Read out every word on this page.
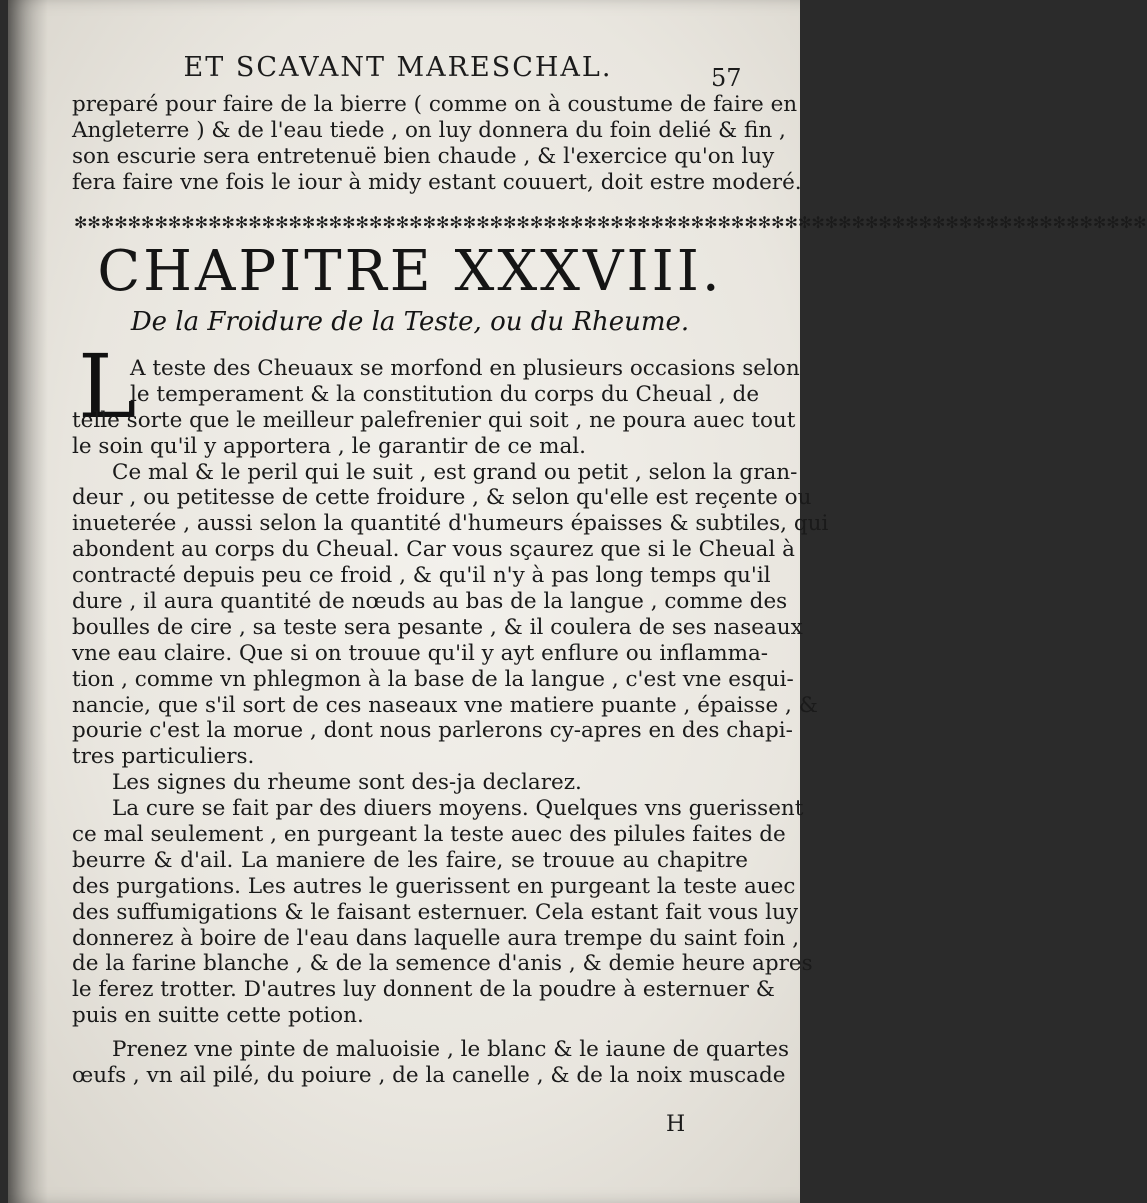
ET SCAVANT MARESCHAL.	57
preparé pour faire de la bierre ( comme on à coustume de faire en
Angleterre ) & de l'eau tiede , on luy donnera du foin delié & fin ,
son escurie sera entretenuë bien chaude , & l'exercice qu'on luy
fera faire vne fois le iour à midy estant couuert, doit estre moderé.
✻✻✻✻✻✻✻✻✻✻✻✻✻✻✻✻✻✻✻✻✻✻✻✻✻✻✻✻✻✻✻✻✻✻✻✻✻✻✻✻✻✻✻✻✻✻✻✻✻✻✻✻✻✻✻✻✻✻✻✻✻✻✻✻✻✻✻✻✻✻✻✻✻✻✻✻✻✻✻✻
CHAPITRE XXXVIII.
De la Froidure de la Teste, ou du Rheume.
L
A teste des Cheuaux se morfond en plusieurs occasions selon
le temperament & la constitution du corps du Cheual , de
telle sorte que le meilleur palefrenier qui soit , ne poura auec tout
le soin qu'il y apportera , le garantir de ce mal.
Ce mal & le peril qui le suit , est grand ou petit , selon la gran-
deur , ou petitesse de cette froidure , & selon qu'elle est reçente ou
inueterée , aussi selon la quantité d'humeurs épaisses & subtiles, qui
abondent au corps du Cheual. Car vous sçaurez que si le Cheual à
contracté depuis peu ce froid , & qu'il n'y à pas long temps qu'il
dure , il aura quantité de nœuds au bas de la langue , comme des
boulles de cire , sa teste sera pesante , & il coulera de ses naseaux
vne eau claire. Que si on trouue qu'il y ayt enflure ou inflamma-
tion , comme vn phlegmon à la base de la langue , c'est vne esqui-
nancie, que s'il sort de ces naseaux vne matiere puante , épaisse , &
pourie c'est la morue , dont nous parlerons cy-apres en des chapi-
tres particuliers.
Les signes du rheume sont des-ja declarez.
La cure se fait par des diuers moyens. Quelques vns guerissent
ce mal seulement , en purgeant la teste auec des pilules faites de
beurre & d'ail. La maniere de les faire, se trouue au chapitre
des purgations. Les autres le guerissent en purgeant la teste auec
des suffumigations & le faisant esternuer. Cela estant fait vous luy
donnerez à boire de l'eau dans laquelle aura trempe du saint foin ,
de la farine blanche , & de la semence d'anis , & demie heure apres
le ferez trotter. D'autres luy donnent de la poudre à esternuer &
puis en suitte cette potion.
Prenez vne pinte de maluoisie , le blanc & le iaune de quartes
œufs , vn ail pilé, du poiure , de la canelle , & de la noix muscade
H
